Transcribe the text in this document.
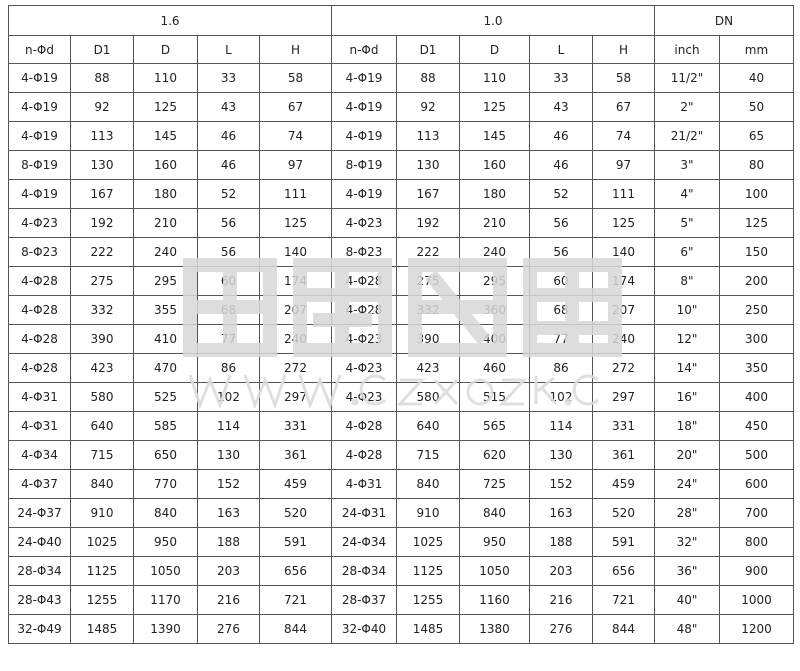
1.6					1.0					DN	
n-Φd	D1	D	L	H	n-Φd	D1	D	L	H	inch	mm
4-Φ19	88	110	33	58	4-Φ19	88	110	33	58	11/2"	40
4-Φ19	92	125	43	67	4-Φ19	92	125	43	67	2"	50
4-Φ19	113	145	46	74	4-Φ19	113	145	46	74	21/2"	65
8-Φ19	130	160	46	97	8-Φ19	130	160	46	97	3"	80
4-Φ19	167	180	52	111	4-Φ19	167	180	52	111	4"	100
4-Φ23	192	210	56	125	4-Φ23	192	210	56	125	5"	125
8-Φ23	222	240	56	140	8-Φ23	222	240	56	140	6"	150
4-Φ28	275	295	60	174	4-Φ28	275	295	60	174	8"	200
4-Φ28	332	355	68	207	4-Φ28	332	360	68	207	10"	250
4-Φ28	390	410	77	240	4-Φ23	390	400	77	240	12"	300
4-Φ28	423	470	86	272	4-Φ23	423	460	86	272	14"	350
4-Φ31	580	525	102	297	4-Φ23	580	515	102	297	16"	400
4-Φ31	640	585	114	331	4-Φ28	640	565	114	331	18"	450
4-Φ34	715	650	130	361	4-Φ28	715	620	130	361	20"	500
4-Φ37	840	770	152	459	4-Φ31	840	725	152	459	24"	600
24-Φ37	910	840	163	520	24-Φ31	910	840	163	520	28"	700
24-Φ40	1025	950	188	591	24-Φ34	1025	950	188	591	32"	800
28-Φ34	1125	1050	203	656	28-Φ34	1125	1050	203	656	36"	900
28-Φ43	1255	1170	216	721	28-Φ37	1255	1160	216	721	40"	1000
32-Φ49	1485	1390	276	844	32-Φ40	1485	1380	276	844	48"	1200
